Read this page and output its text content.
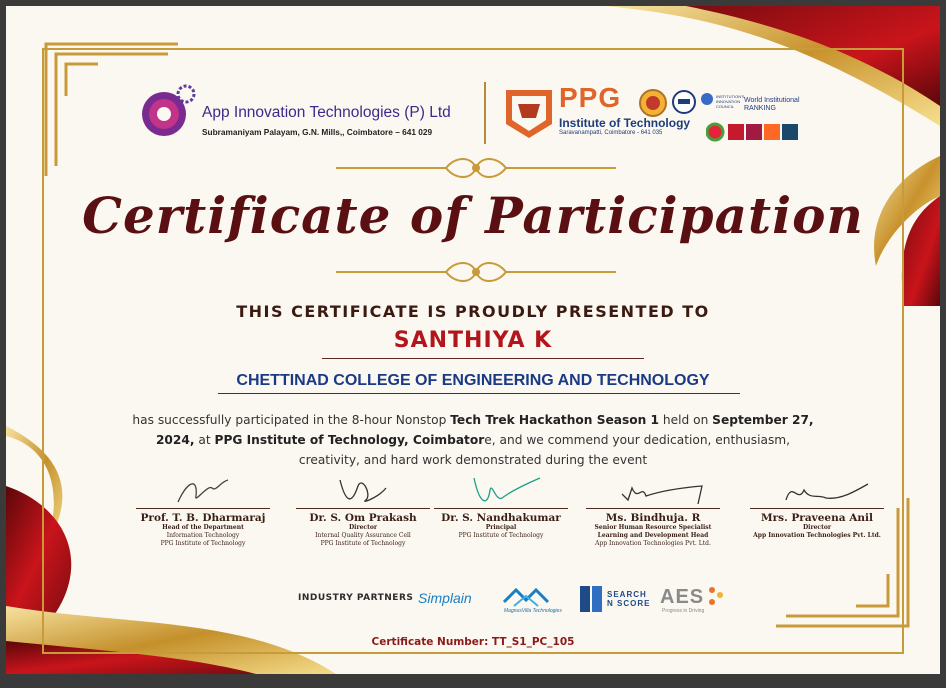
App Innovation Technologies (P) Ltd
Subramaniyam Palayam, G.N. Mills,, Coimbatore – 641 029
PPG
Institute of Technology
Saravanampatti, Coimbatore - 641 035
INSTITUTION'S INNOVATION COUNCIL
World Institutional RANKING
Certificate of Participation
THIS CERTIFICATE IS PROUDLY PRESENTED TO
SANTHIYA K
CHETTINAD COLLEGE OF ENGINEERING AND TECHNOLOGY
has successfully participated in the 8-hour Nonstop Tech Trek Hackathon Season 1 held on September 27, 2024, at PPG Institute of Technology, Coimbatore, and we commend your dedication, enthusiasm, creativity, and hard work demonstrated during the event
Prof. T. B. Dharmaraj
Head of the Department
Information Technology
PPG Institute of Technology
Dr. S. Om Prakash
Director
Internal Quality Assurance Cell
PPG Institute of Technology
Dr. S. Nandhakumar
Principal
PPG Institute of Technology
Ms. Bindhuja. R
Senior Human Resource Specialist
Learning and Development Head
App Innovation Technologies Pvt. Ltd.
Mrs. Praveena Anil
Director
App Innovation Technologies Pvt. Ltd.
INDUSTRY PARTNERS Simplain
MagnusVilla Technologies
SEARCH
N SCORE AES
Progress in Driving
Certificate Number: TT_S1_PC_105
